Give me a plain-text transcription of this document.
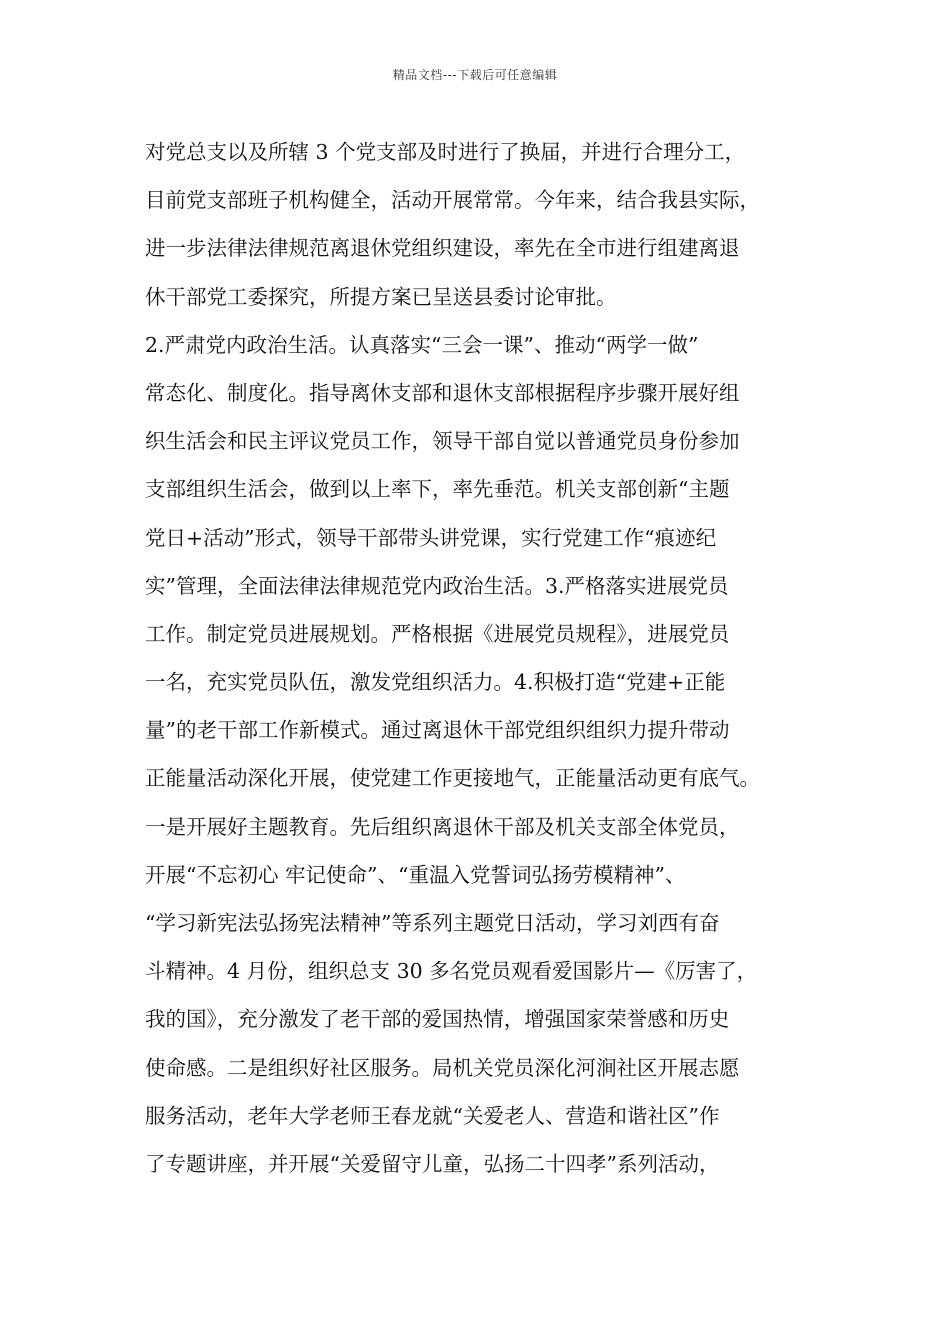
精品文档---下载后可任意编辑
对党总支以及所辖 3 个党支部及时进行了换届，并进行合理分工，
目前党支部班子机构健全，活动开展常常。今年来，结合我县实际，
进一步法律法律规范离退休党组织建设，率先在全市进行组建离退
休干部党工委探究，所提方案已呈送县委讨论审批。
2.严肃党内政治生活。认真落实“三会一课”、推动“两学一做”
常态化、制度化。指导离休支部和退休支部根据程序步骤开展好组
织生活会和民主评议党员工作，领导干部自觉以普通党员身份参加
支部组织生活会，做到以上率下，率先垂范。机关支部创新“主题
党日+活动”形式，领导干部带头讲党课，实行党建工作“痕迹纪
实”管理，全面法律法律规范党内政治生活。3.严格落实进展党员
工作。制定党员进展规划。严格根据《进展党员规程》，进展党员
一名，充实党员队伍，激发党组织活力。4.积极打造“党建+正能
量”的老干部工作新模式。通过离退休干部党组织组织力提升带动
正能量活动深化开展，使党建工作更接地气，正能量活动更有底气。
一是开展好主题教育。先后组织离退休干部及机关支部全体党员，
开展“不忘初心 牢记使命”、“重温入党誓词弘扬劳模精神”、
“学习新宪法弘扬宪法精神”等系列主题党日活动，学习刘西有奋
斗精神。4 月份，组织总支 30 多名党员观看爱国影片—《厉害了，
我的国》，充分激发了老干部的爱国热情，增强国家荣誉感和历史
使命感。二是组织好社区服务。局机关党员深化河涧社区开展志愿
服务活动，老年大学老师王春龙就“关爱老人、营造和谐社区”作
了专题讲座，并开展“关爱留守儿童，弘扬二十四孝”系列活动，
